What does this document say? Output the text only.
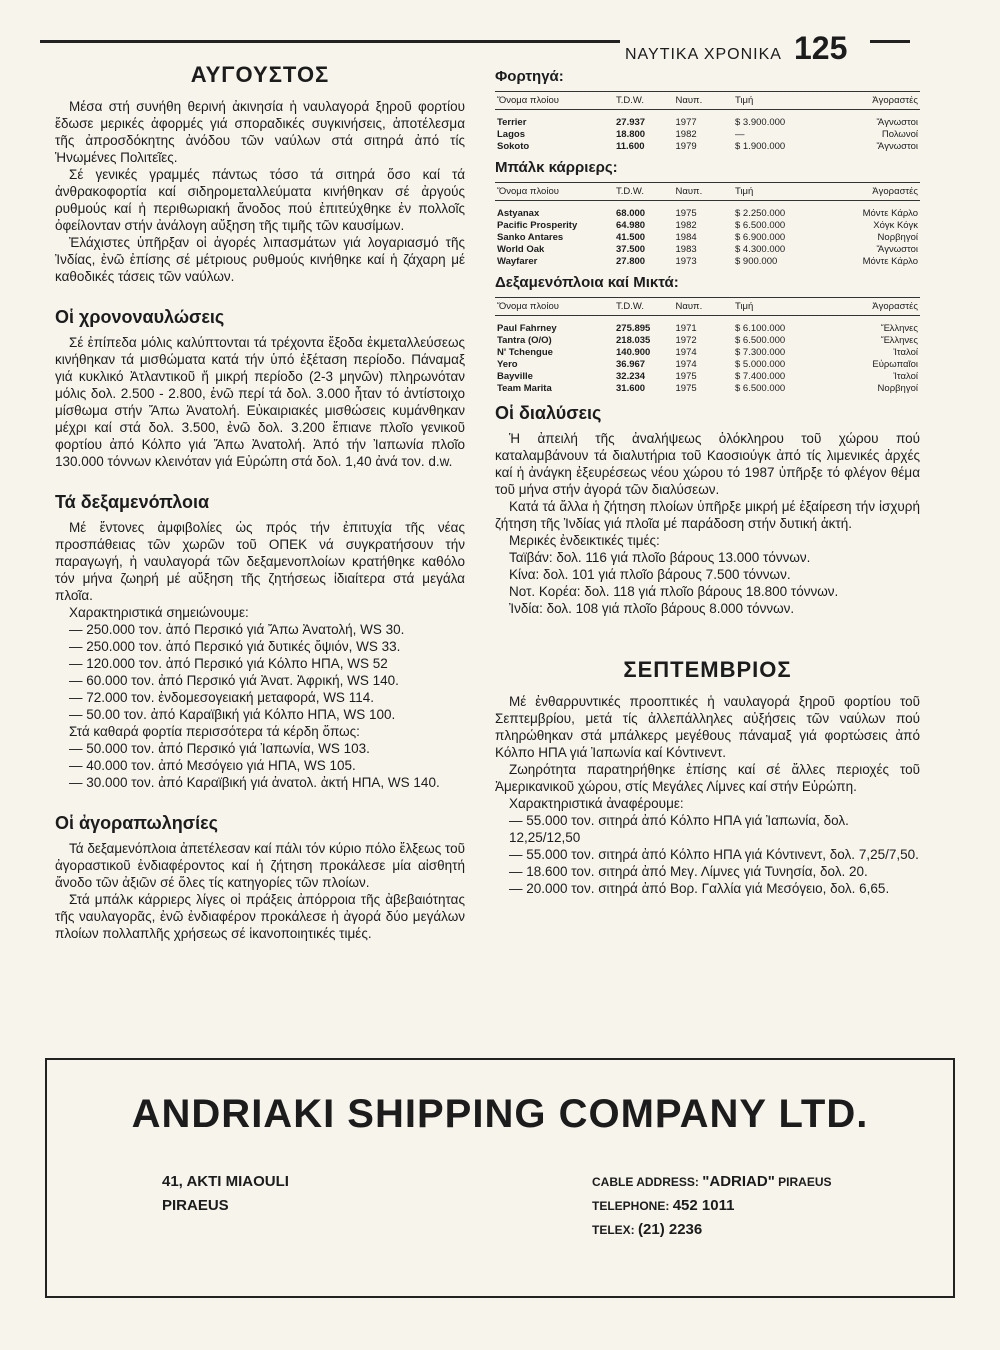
ΝΑΥΤΙΚΑ ΧΡΟΝΙΚΑ 125
ΑΥΓΟΥΣΤΟΣ

Μέσα στή συνήθη θερινή ἀκινησία ἡ ναυλαγορά ξηροῦ φορτίου ἔδωσε μερικές ἀφορμές γιά σποραδικές συγκινήσεις, ἀποτέλεσμα τῆς ἀπροσδόκητης ἀνόδου τῶν ναύλων στά σιτηρά ἀπό τίς Ἡνωμένες Πολιτεῖες.

Σέ γενικές γραμμές πάντως τόσο τά σιτηρά ὅσο καί τά ἀνθρακοφορτία καί σιδηρομεταλλεύματα κινήθηκαν σέ ἀργούς ρυθμούς καί ἡ περιθωριακή ἄνοδος πού ἐπιτεύχθηκε ἐν πολλοῖς ὀφείλονταν στήν ἀνάλογη αὔξηση τῆς τιμῆς τῶν καυσίμων.

Ἐλάχιστες ὑπῆρξαν οἱ ἀγορές λιπασμάτων γιά λογαριασμό τῆς Ἰνδίας, ἐνῶ ἐπίσης σέ μέτριους ρυθμούς κινήθηκε καί ἡ ζάχαρη μέ καθοδικές τάσεις τῶν ναύλων.

Οἱ χρονοναυλώσεις

Σέ ἐπίπεδα μόλις καλύπτονται τά τρέχοντα ἔξοδα ἐκμεταλλεύσεως κινήθηκαν τά μισθώματα κατά τήν ὑπό ἐξέταση περίοδο. Πάναμαξ γιά κυκλικό Ἀτλαντικοῦ ἤ μικρή περίοδο (2-3 μηνῶν) πληρωνόταν μόλις δολ. 2.500 - 2.800, ἐνῶ περί τά δολ. 3.000 ἦταν τό ἀντίστοιχο μίσθωμα στήν Ἄπω Ἀνατολή. Εὐκαιριακές μισθώσεις κυμάνθηκαν μέχρι καί στά δολ. 3.500, ἐνῶ δολ. 3.200 ἔπιανε πλοῖο γενικοῦ φορτίου ἀπό Κόλπο γιά Ἄπω Ἀνατολή. Ἀπό τήν Ἰαπωνία πλοῖο 130.000 τόννων κλεινόταν γιά Εὐρώπη στά δολ. 1,40 ἀνά τον. d.w.

Τά δεξαμενόπλοια

Μέ ἔντονες ἀμφιβολίες ὡς πρός τήν ἐπιτυχία τῆς νέας προσπάθειας τῶν χωρῶν τοῦ ΟΠΕΚ νά συγκρατήσουν τήν παραγωγή, ἡ ναυλαγορά τῶν δεξαμενοπλοίων κρατήθηκε καθόλο τόν μήνα ζωηρή μέ αὔξηση τῆς ζητήσεως ἰδιαίτερα στά μεγάλα πλοῖα.

Χαρακτηριστικά σημειώνουμε:

— 250.000 τον. ἀπό Περσικό γιά Ἄπω Ἀνατολή, WS 30.
— 250.000 τον. ἀπό Περσικό γιά δυτικές ὄψιόν, WS 33.
— 120.000 τον. ἀπό Περσικό γιά Κόλπο ΗΠΑ, WS 52
— 60.000 τον. ἀπό Περσικό γιά Ἀνατ. Ἀφρική, WS 140.
— 72.000 τον. ἐνδομεσογειακή μεταφορά, WS 114.
— 50.00 τον. ἀπό Καραϊβική γιά Κόλπο ΗΠΑ, WS 100.

Στά καθαρά φορτία περισσότερα τά κέρδη ὅπως:

— 50.000 τον. ἀπό Περσικό γιά Ἰαπωνία, WS 103.
— 40.000 τον. ἀπό Μεσόγειο γιά ΗΠΑ, WS 105.
— 30.000 τον. ἀπό Καραϊβική γιά ἀνατολ. ἀκτή ΗΠΑ, WS 140.
Οἱ ἀγοραπωλησίες

Τά δεξαμενόπλοια ἀπετέλεσαν καί πάλι τόν κύριο πόλο ἔλξεως τοῦ ἀγοραστικοῦ ἐνδιαφέροντος καί ἡ ζήτηση προκάλεσε μία αἰσθητή ἄνοδο τῶν ἀξιῶν σέ ὅλες τίς κατηγορίες τῶν πλοίων.

Στά μπάλκ κάρριερς λίγες οἱ πράξεις ἀπόρροια τῆς ἀβεβαιότητας τῆς ναυλαγορᾶς, ἐνῶ ἐνδιαφέρον προκάλεσε ἡ ἀγορά δύο μεγάλων πλοίων πολλαπλῆς χρήσεως σέ ἱκανοποιητικές τιμές.

Φορτηγά:
Ὄνομα πλοίου	T.D.W.	Ναυπ.	Τιμή	Ἀγοραστές
Terrier	27.937	1977	$ 3.900.000	Ἄγνωστοι
Lagos	18.800	1982	—	Πολωνοί
Sokoto	11.600	1979	$ 1.900.000	Ἄγνωστοι
Μπάλκ κάρριερς:
Ὄνομα πλοίου	T.D.W.	Ναυπ.	Τιμή	Ἀγοραστές
Astyanax	68.000	1975	$ 2.250.000	Μόντε Κάρλο
Pacific Prosperity	64.980	1982	$ 6.500.000	Χόγκ Κόγκ
Sanko Antares	41.500	1984	$ 6.900.000	Νορβηγοί
World Oak	37.500	1983	$ 4.300.000	Ἄγνωστοι
Wayfarer	27.800	1973	$ 900.000	Μόντε Κάρλο
Δεξαμενόπλοια καί Μικτά:
Ὄνομα πλοίου	T.D.W.	Ναυπ.	Τιμή	Ἀγοραστές
Paul Fahrney	275.895	1971	$ 6.100.000	Ἕλληνες
Tantra (O/O)	218.035	1972	$ 6.500.000	Ἕλληνες
N' Tchengue	140.900	1974	$ 7.300.000	Ἰταλοί
Yero	36.967	1974	$ 5.000.000	Εὐρωπαῖοι
Bayville	32.234	1975	$ 7.400.000	Ἰταλοί
Team Marita	31.600	1975	$ 6.500.000	Νορβηγοί
Οἱ διαλύσεις

Ἡ ἀπειλή τῆς ἀναλήψεως ὁλόκληρου τοῦ χώρου πού καταλαμβάνουν τά διαλυτήρια τοῦ Καοσιούγκ ἀπό τίς λιμενικές ἀρχές καί ἡ ἀνάγκη ἐξευρέσεως νέου χώρου τό 1987 ὑπῆρξε τό φλέγον θέμα τοῦ μήνα στήν ἀγορά τῶν διαλύσεων.

Κατά τά ἄλλα ἡ ζήτηση πλοίων ὑπῆρξε μικρή μέ ἐξαίρεση τήν ἰσχυρή ζήτηση τῆς Ἰνδίας γιά πλοῖα μέ παράδοση στήν δυτική ἀκτή.

Μερικές ἐνδεικτικές τιμές:

Ταϊβάν: δολ. 116 γιά πλοῖο βάρους 13.000 τόννων.
Κίνα: δολ. 101 γιά πλοῖο βάρους 7.500 τόννων.
Νοτ. Κορέα: δολ. 118 γιά πλοῖο βάρους 18.800 τόννων.
Ἰνδία: δολ. 108 γιά πλοῖο βάρους 8.000 τόννων.
ΣΕΠΤΕΜΒΡΙΟΣ

Μέ ἐνθαρρυντικές προοπτικές ἡ ναυλαγορά ξηροῦ φορτίου τοῦ Σεπτεμβρίου, μετά τίς ἀλλεπάλληλες αὐξήσεις τῶν ναύλων πού πληρώθηκαν στά μπάλκερς μεγέθους πάναμαξ γιά φορτώσεις ἀπό Κόλπο ΗΠΑ γιά Ἰαπωνία καί Κόντινεντ.

Ζωηρότητα παρατηρήθηκε ἐπίσης καί σέ ἄλλες περιοχές τοῦ Ἀμερικανικοῦ χώρου, στίς Μεγάλες Λίμνες καί στήν Εὐρώπη.

Χαρακτηριστικά ἀναφέρουμε:

— 55.000 τον. σιτηρά ἀπό Κόλπο ΗΠΑ γιά Ἰαπωνία, δολ. 12,25/12,50
— 55.000 τον. σιτηρά ἀπό Κόλπο ΗΠΑ γιά Κόντινεντ, δολ. 7,25/7,50.
— 18.600 τον. σιτηρά ἀπό Μεγ. Λίμνες γιά Τυνησία, δολ. 20.
— 20.000 τον. σιτηρά ἀπό Βορ. Γαλλία γιά Μεσόγειο, δολ. 6,65.
ANDRIAKI SHIPPING COMPANY LTD.
41, AKTI MIAOULI
PIRAEUS
CABLE ADDRESS: "ADRIAD" PIRAEUS
TELEPHONE: 452 1011
TELEX: (21) 2236
